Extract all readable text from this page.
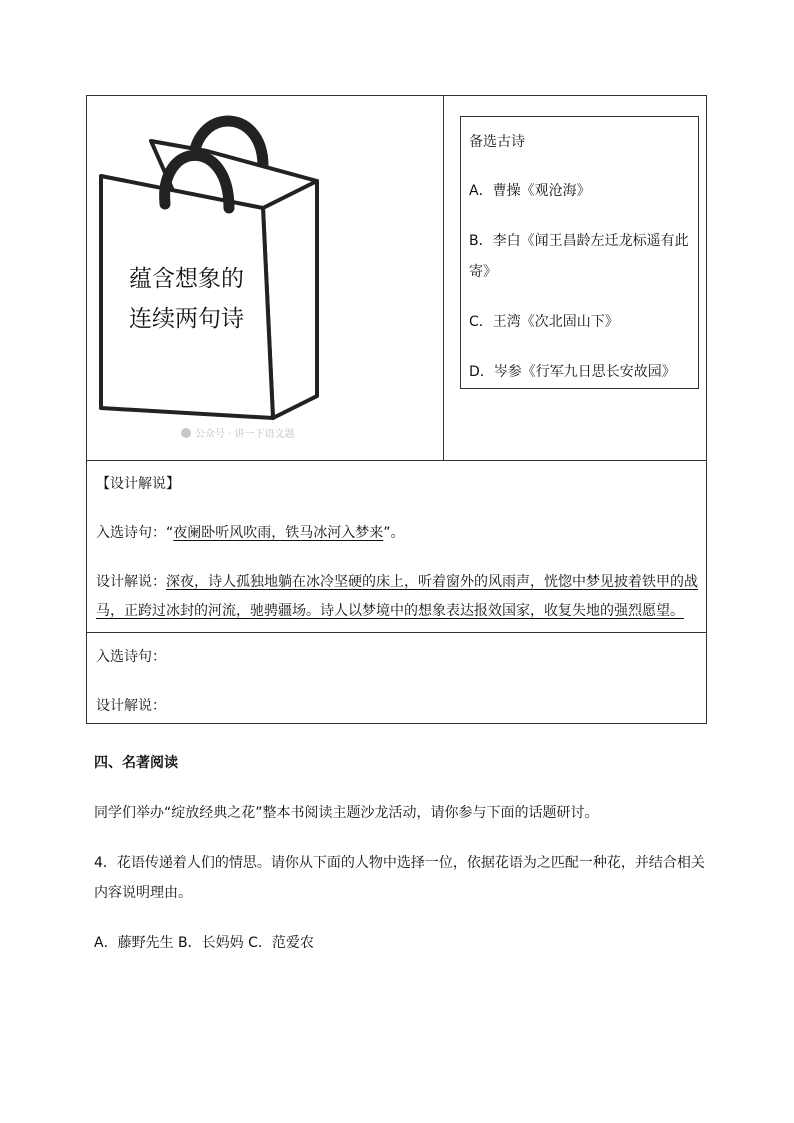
蕴含想象的
连续两句诗
公众号 · 讲一下语文题
备选古诗
A．曹操《观沧海》
B．李白《闻王昌龄左迁龙标遥有此
寄》
C．王湾《次北固山下》
D．岑参《行军九日思长安故园》
【设计解说】
入选诗句：“夜阑卧听风吹雨，铁马冰河入梦来”。
设计解说：深夜，诗人孤独地躺在冰冷坚硬的床上，听着窗外的风雨声，恍惚中梦见披着铁甲的战
马，正跨过冰封的河流，驰骋疆场。诗人以梦境中的想象表达报效国家，收复失地的强烈愿望。
入选诗句：
设计解说：
四、名著阅读
同学们举办“绽放经典之花”整本书阅读主题沙龙活动，请你参与下面的话题研讨。
4．花语传递着人们的情思。请你从下面的人物中选择一位，依据花语为之匹配一种花，并结合相关
内容说明理由。
A．藤野先生 B．长妈妈 C．范爱农
